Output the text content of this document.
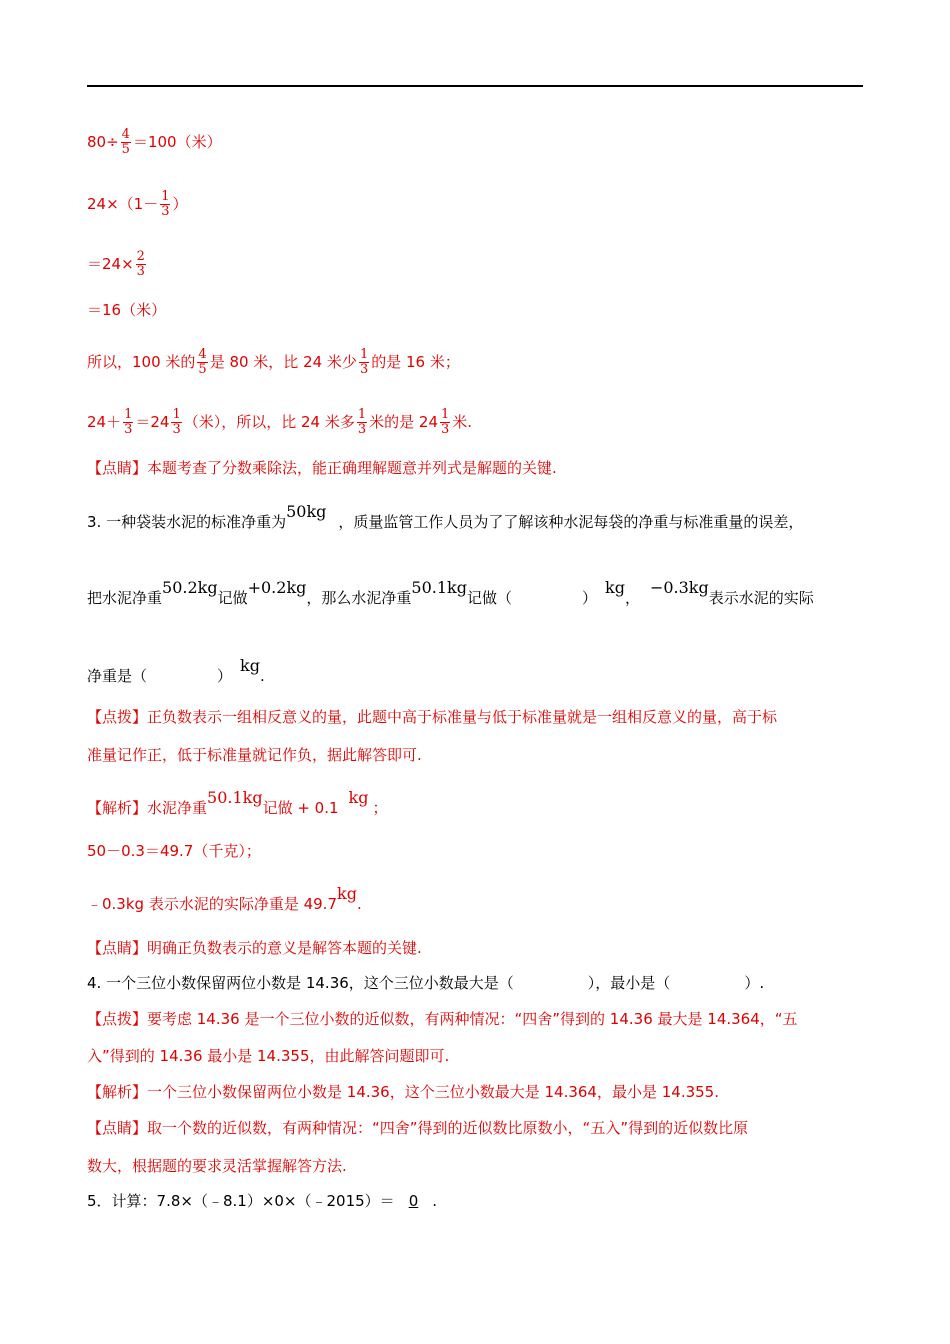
$80\div \frac{4}{5} =100$（米）
$24\times(1- \frac{1}{3}$ ）
$=24\times \frac{2}{3}$
＝16（米）
所以，100 米的 $\frac{4}{5}$ 是 80 米，比 24 米少 $\frac{1}{3}$ 的是 16 米；
$24+ \frac{1}{3} =24 \frac{1}{3}$ （米），所以，比 24 米多 $\frac{1}{3}$ 米的是 $24 \frac{1}{3}$ 米.
【点睛】本题考查了分数乘除法，能正确理解题意并列式是解题的关键.
3. 一种袋装水泥的标准净重为50kg，质量监管工作人员为了了解该种水泥每袋的净重与标准重量的误差，
把水泥净重50.2kg记做+0.2kg，那么水泥净重50.1kg记做（	）kg，−0.3kg表示水泥的实际
净重是（	）kg.
【点拨】正负数表示一组相反意义的量，此题中高于标准量与低于标准量就是一组相反意义的量，高于标
准量记作正，低于标准量就记作负，据此解答即可.
【解析】水泥净重50.1kg记做 + 0.1kg；
50－0.3＝49.7（千克）；
﹣0.3kg 表示水泥的实际净重是 49.7kg.
【点睛】明确正负数表示的意义是解答本题的关键.
4. 一个三位小数保留两位小数是 14.36，这个三位小数最大是（	），最小是（	）.
【点拨】要考虑 14.36 是一个三位小数的近似数，有两种情况：“四舍”得到的 14.36 最大是 14.364，“五
入”得到的 14.36 最小是 14.355，由此解答问题即可.
【解析】一个三位小数保留两位小数是 14.36，这个三位小数最大是 14.364，最小是 14.355.
【点睛】取一个数的近似数，有两种情况：“四舍”得到的近似数比原数小，“五入”得到的近似数比原
数大，根据题的要求灵活掌握解答方法.
5．计算：7.8×（﹣8.1）×0×（﹣2015）＝ 0 .
